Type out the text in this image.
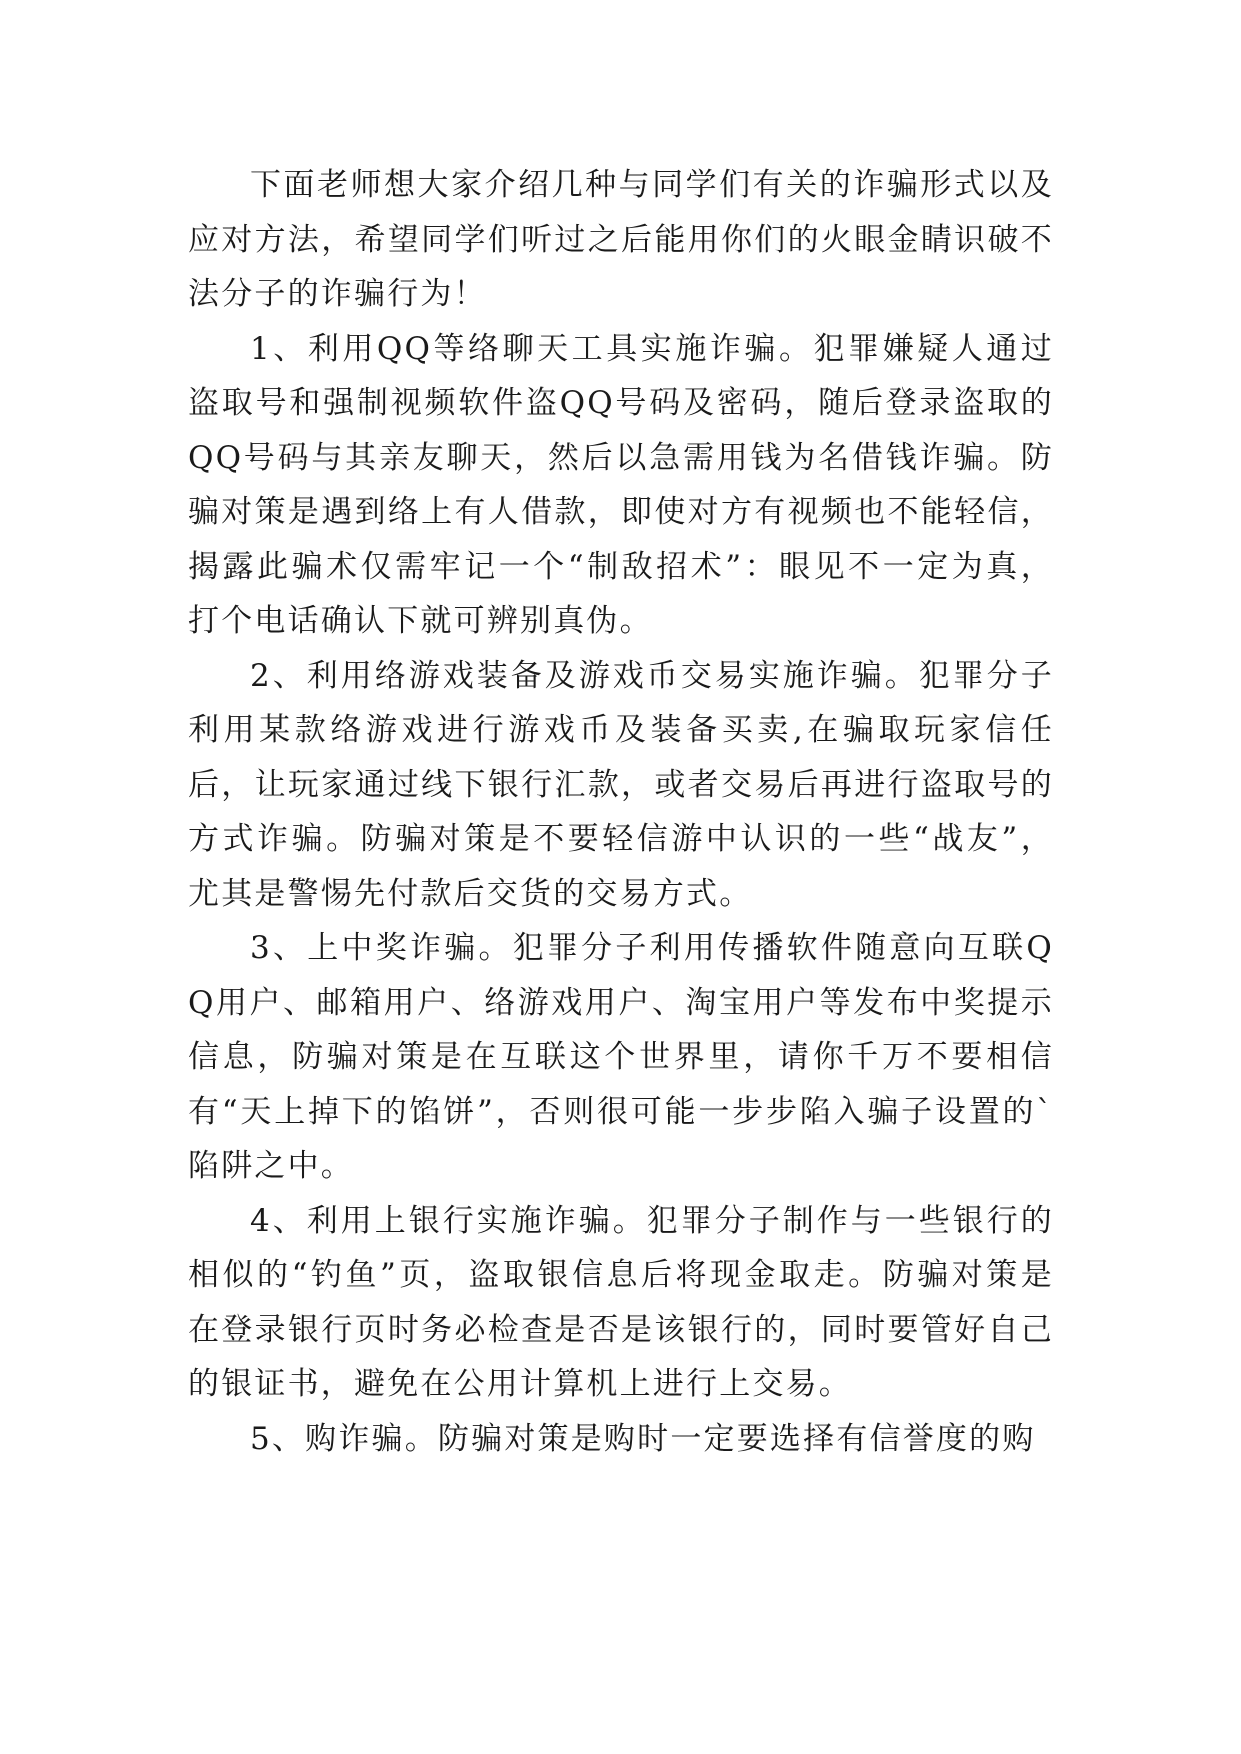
下面老师想大家介绍几种与同学们有关的诈骗形式以及应对方法，希望同学们听过之后能用你们的火眼金睛识破不法分子的诈骗行为！

1、利用QQ等络聊天工具实施诈骗。犯罪嫌疑人通过盗取号和强制视频软件盗QQ号码及密码，随后登录盗取的QQ号码与其亲友聊天，然后以急需用钱为名借钱诈骗。防骗对策是遇到络上有人借款，即使对方有视频也不能轻信，揭露此骗术仅需牢记一个“制敌招术”：眼见不一定为真，打个电话确认下就可辨别真伪。

2、利用络游戏装备及游戏币交易实施诈骗。犯罪分子利用某款络游戏进行游戏币及装备买卖,在骗取玩家信任后，让玩家通过线下银行汇款，或者交易后再进行盗取号的方式诈骗。防骗对策是不要轻信游中认识的一些“战友”，尤其是警惕先付款后交货的交易方式。

3、上中奖诈骗。犯罪分子利用传播软件随意向互联QQ用户、邮箱用户、络游戏用户、淘宝用户等发布中奖提示信息，防骗对策是在互联这个世界里，请你千万不要相信有“天上掉下的馅饼”，否则很可能一步步陷入骗子设置的`陷阱之中。

4、利用上银行实施诈骗。犯罪分子制作与一些银行的相似的“钓鱼”页，盗取银信息后将现金取走。防骗对策是在登录银行页时务必检查是否是该银行的，同时要管好自己的银证书，避免在公用计算机上进行上交易。

5、购诈骗。防骗对策是购时一定要选择有信誉度的购
